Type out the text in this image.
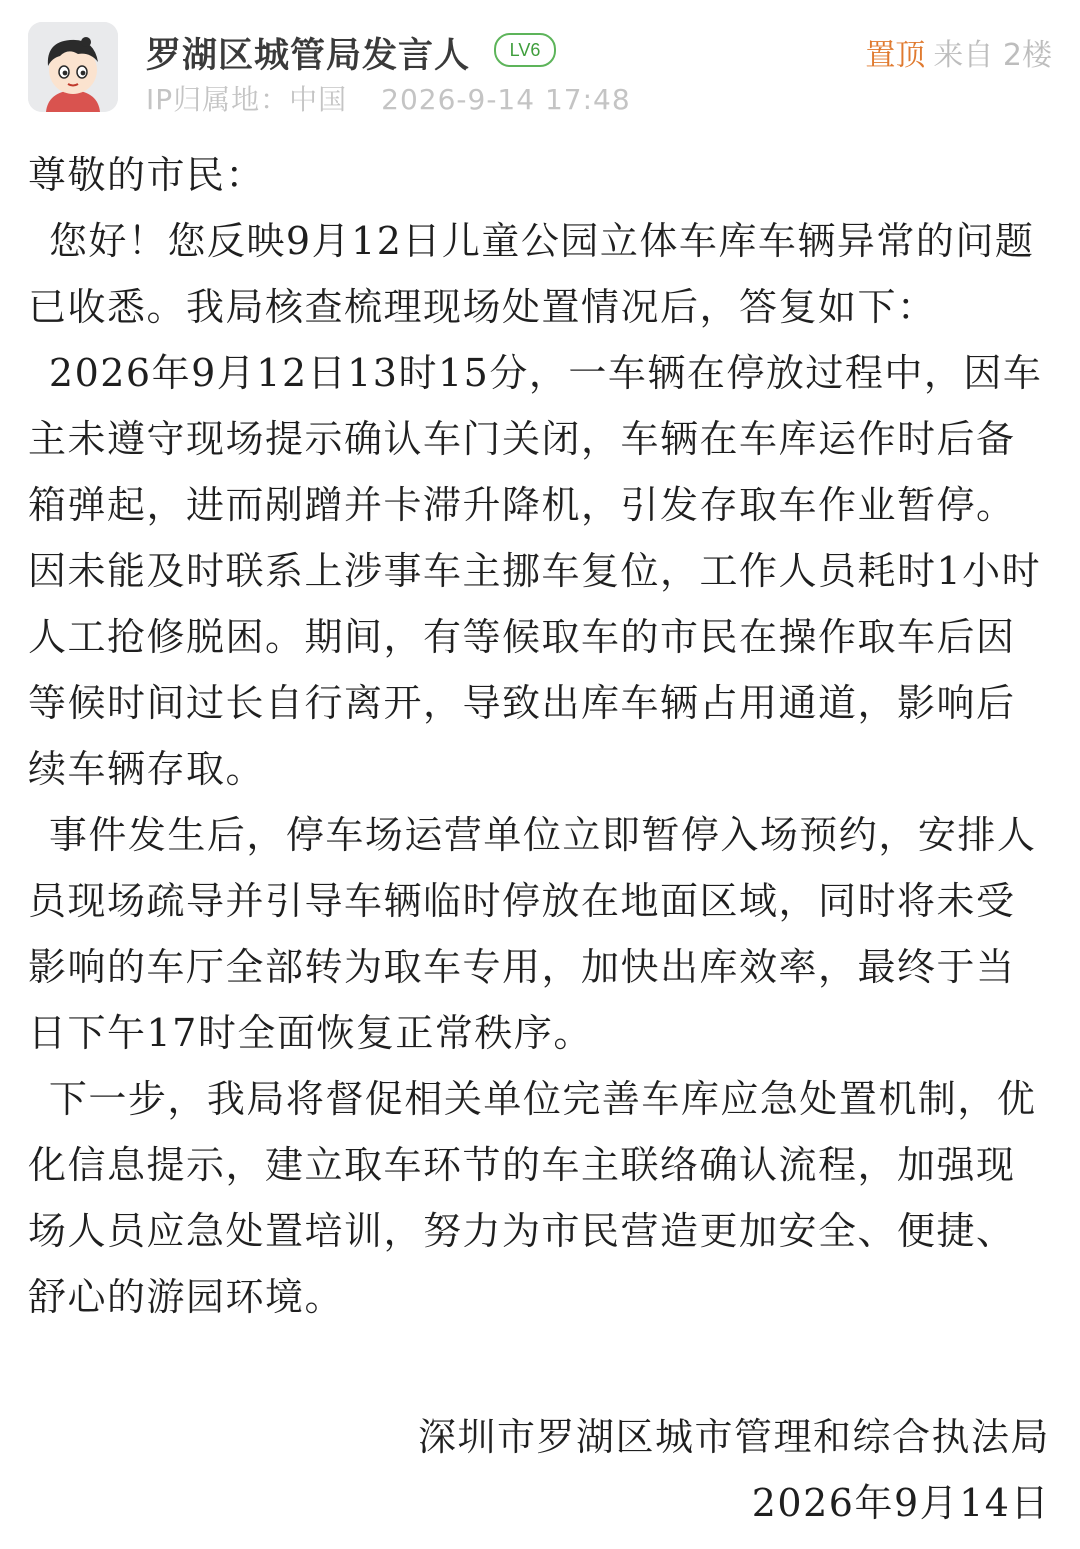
罗湖区城管局发言人	LV6
IP归属地：中国 2026-9-14 17:48
置顶 来自 2楼

尊敬的市民：

您好！您反映9月12日儿童公园立体车库车辆异常的问题已收悉。我局核查梳理现场处置情况后，答复如下：

2026年9月12日13时15分，一车辆在停放过程中，因车主未遵守现场提示确认车门关闭，车辆在车库运作时后备箱弹起，进而剐蹭并卡滞升降机，引发存取车作业暂停。因未能及时联系上涉事车主挪车复位，工作人员耗时1小时人工抢修脱困。期间，有等候取车的市民在操作取车后因等候时间过长自行离开，导致出库车辆占用通道，影响后续车辆存取。

事件发生后，停车场运营单位立即暂停入场预约，安排人员现场疏导并引导车辆临时停放在地面区域，同时将未受影响的车厅全部转为取车专用，加快出库效率，最终于当日下午17时全面恢复正常秩序。

下一步，我局将督促相关单位完善车库应急处置机制，优化信息提示，建立取车环节的车主联络确认流程，加强现场人员应急处置培训，努力为市民营造更加安全、便捷、舒心的游园环境。

深圳市罗湖区城市管理和综合执法局
2026年9月14日
